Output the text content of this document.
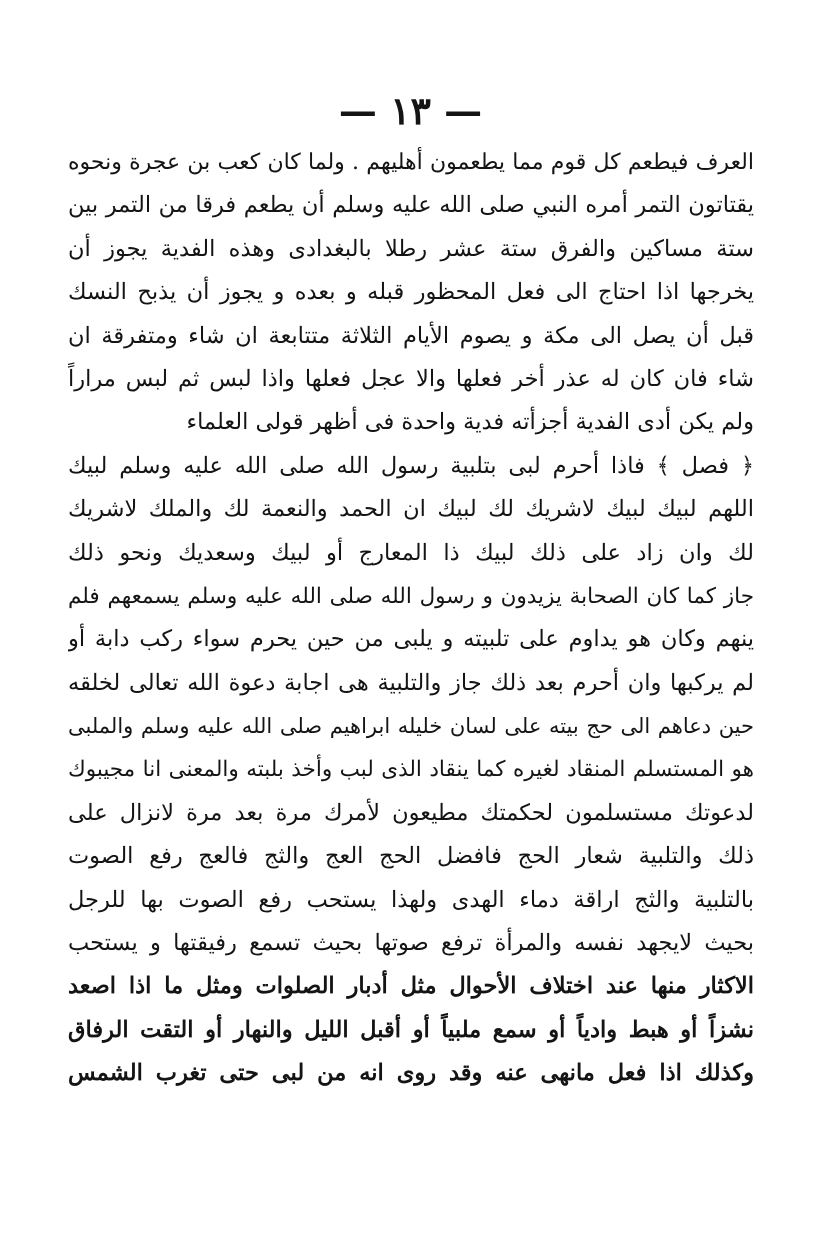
— ١٣ —
العرف فيطعم كل قوم مما يطعمون أهليهم . ولما كان كعب بن عجرة ونحوه
يقتاتون التمر أمره النبي صلى الله عليه وسلم أن يطعم فرقا من التمر بين
ستة مساكين والفرق ستة عشر رطلا بالبغدادى وهذه الفدية يجوز أن
يخرجها اذا احتاج الى فعل المحظور قبله و بعده و يجوز أن يذبح النسك
قبل أن يصل الى مكة و يصوم الأيام الثلاثة متتابعة ان شاء ومتفرقة ان
شاء فان كان له عذر أخر فعلها والا عجل فعلها واذا لبس ثم لبس مراراً
ولم يكن أدى الفدية أجزأته فدية واحدة فى أظهر قولى العلماء
﴿ فصل ﴾ فاذا أحرم لبى بتلبية رسول الله صلى الله عليه وسلم لبيك
اللهم لبيك لبيك لاشريك لك لبيك ان الحمد والنعمة لك والملك لاشريك
لك وان زاد على ذلك لبيك ذا المعارج أو لبيك وسعديك ونحو ذلك
جاز كما كان الصحابة يزيدون و رسول الله صلى الله عليه وسلم يسمعهم فلم
ينهم وكان هو يداوم على تلبيته و يلبى من حين يحرم سواء ركب دابة أو
لم يركبها وان أحرم بعد ذلك جاز والتلبية هى اجابة دعوة الله تعالى لخلقه
حين دعاهم الى حج بيته على لسان خليله ابراهيم صلى الله عليه وسلم والملبى
هو المستسلم المنقاد لغيره كما ينقاد الذى لبب وأخذ بلبته والمعنى انا مجيبوك
لدعوتك مستسلمون لحكمتك مطيعون لأمرك مرة بعد مرة لانزال على
ذلك والتلبية شعار الحج فافضل الحج العج والثج فالعج رفع الصوت
بالتلبية والثج اراقة دماء الهدى ولهذا يستحب رفع الصوت بها للرجل
بحيث لايجهد نفسه والمرأة ترفع صوتها بحيث تسمع رفيقتها و يستحب
الاكثار منها عند اختلاف الأحوال مثل أدبار الصلوات ومثل ما اذا اصعد
نشزاً أو هبط وادياً أو سمع ملبياً أو أقبل الليل والنهار أو التقت الرفاق
وكذلك اذا فعل مانهى عنه وقد روى انه من لبى حتى تغرب الشمس
